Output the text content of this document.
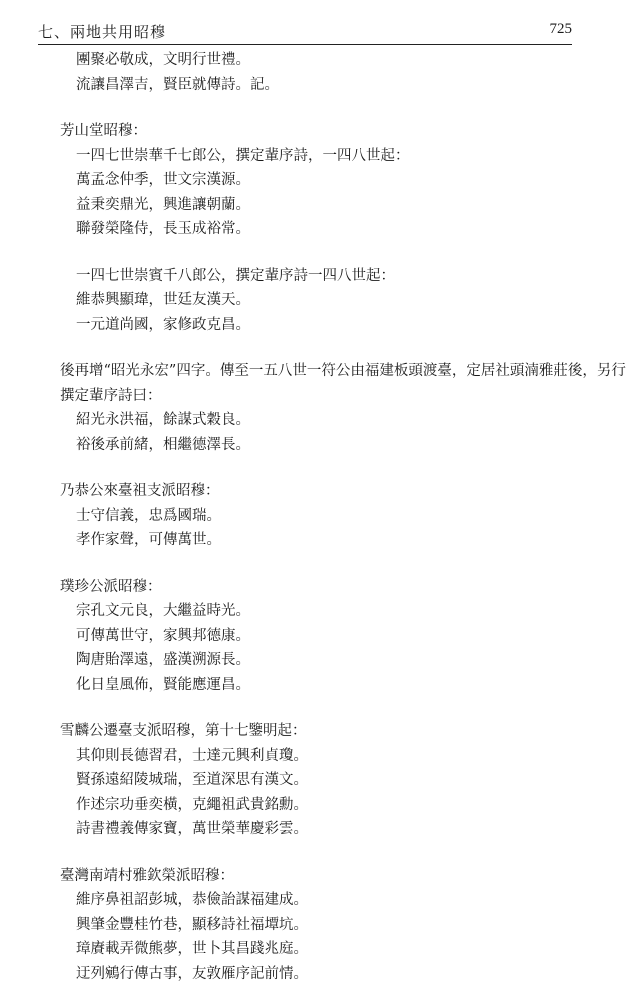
七、兩地共用昭穆	725
團聚必敬成，文明行世禮。
流讓昌澤吉，賢臣就傳詩。記。
芳山堂昭穆：
一四七世崇華千七郎公，撰定輩序詩，一四八世起：
萬孟念仲季，世文宗漢源。
益秉奕鼎光，興進讓朝蘭。
聯發榮隆侍，長玉成裕常。
一四七世崇賓千八郎公，撰定輩序詩一四八世起：
維恭興顯瑋，世廷友漢天。
一元道尚國，家修政克昌。
後再增“昭光永宏”四字。傳至一五八世一符公由福建板頭渡臺，定居社頭湳雅莊後，另行
撰定輩序詩曰：
紹光永洪福，餘謀式穀良。
裕後承前緒，相繼德澤長。
乃恭公來臺祖支派昭穆：
士守信義，忠爲國瑞。
孝作家聲，可傳萬世。
璞珍公派昭穆：
宗孔文元良，大繼益時光。
可傳萬世守，家興邦德康。
陶唐貽澤遠，盛漢溯源長。
化日皇風佈，賢能應運昌。
雪麟公遷臺支派昭穆，第十七鑒明起：
其仰則長德習君，士達元興利貞瓊。
賢孫遠紹陵城瑞，至道深思有漢文。
作述宗功垂奕橫，克繩祖武貴銘勳。
詩書禮義傳家寶，萬世榮華慶彩雲。
臺灣南靖村雅欽榮派昭穆：
維序鼻祖詔彭城，恭儉詒謀福建成。
興肇金豐桂竹巷，顯移詩社福墰坑。
璋賡載弄微熊夢，世卜其昌踐兆庭。
迂列鵷行傳古事，友敦雁序記前情。
